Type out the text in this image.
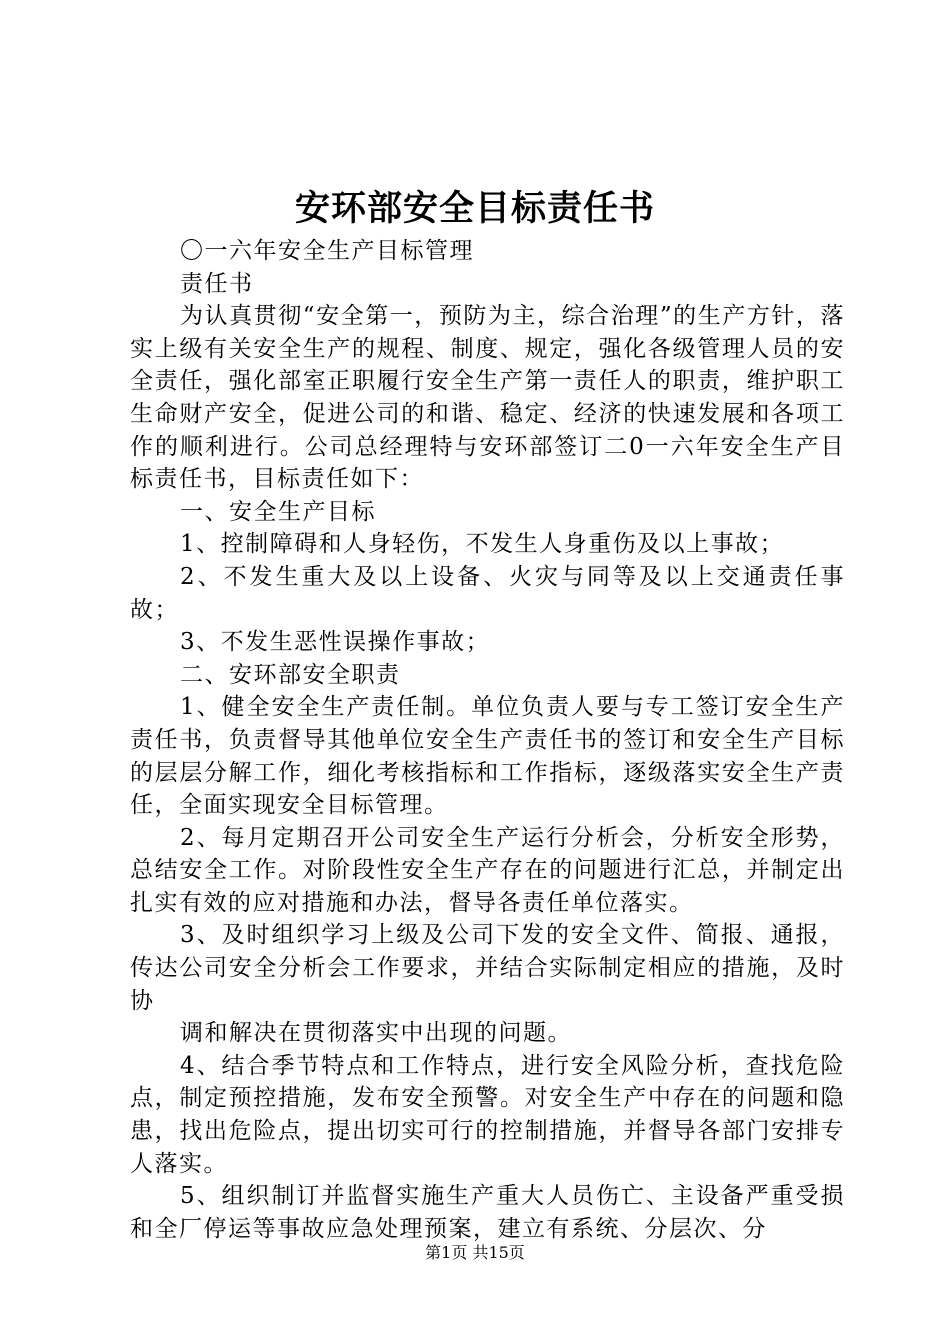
安环部安全目标责任书

〇一六年安全生产目标管理

责任书

为认真贯彻“安全第一，预防为主，综合治理”的生产方针，落实上级有关安全生产的规程、制度、规定，强化各级管理人员的安全责任，强化部室正职履行安全生产第一责任人的职责，维护职工生命财产安全，促进公司的和谐、稳定、经济的快速发展和各项工作的顺利进行。公司总经理特与安环部签订二0一六年安全生产目标责任书，目标责任如下：

一、安全生产目标

1、控制障碍和人身轻伤，不发生人身重伤及以上事故；

2、不发生重大及以上设备、火灾与同等及以上交通责任事故；

3、不发生恶性误操作事故；

二、安环部安全职责

1、健全安全生产责任制。单位负责人要与专工签订安全生产责任书，负责督导其他单位安全生产责任书的签订和安全生产目标的层层分解工作，细化考核指标和工作指标，逐级落实安全生产责任，全面实现安全目标管理。

2、每月定期召开公司安全生产运行分析会，分析安全形势，总结安全工作。对阶段性安全生产存在的问题进行汇总，并制定出扎实有效的应对措施和办法，督导各责任单位落实。

3、及时组织学习上级及公司下发的安全文件、简报、通报，传达公司安全分析会工作要求，并结合实际制定相应的措施，及时协

调和解决在贯彻落实中出现的问题。

4、结合季节特点和工作特点，进行安全风险分析，查找危险点，制定预控措施，发布安全预警。对安全生产中存在的问题和隐患，找出危险点，提出切实可行的控制措施，并督导各部门安排专人落实。

5、组织制订并监督实施生产重大人员伤亡、主设备严重受损和全厂停运等事故应急处理预案，建立有系统、分层次、分

第1页 共15页
